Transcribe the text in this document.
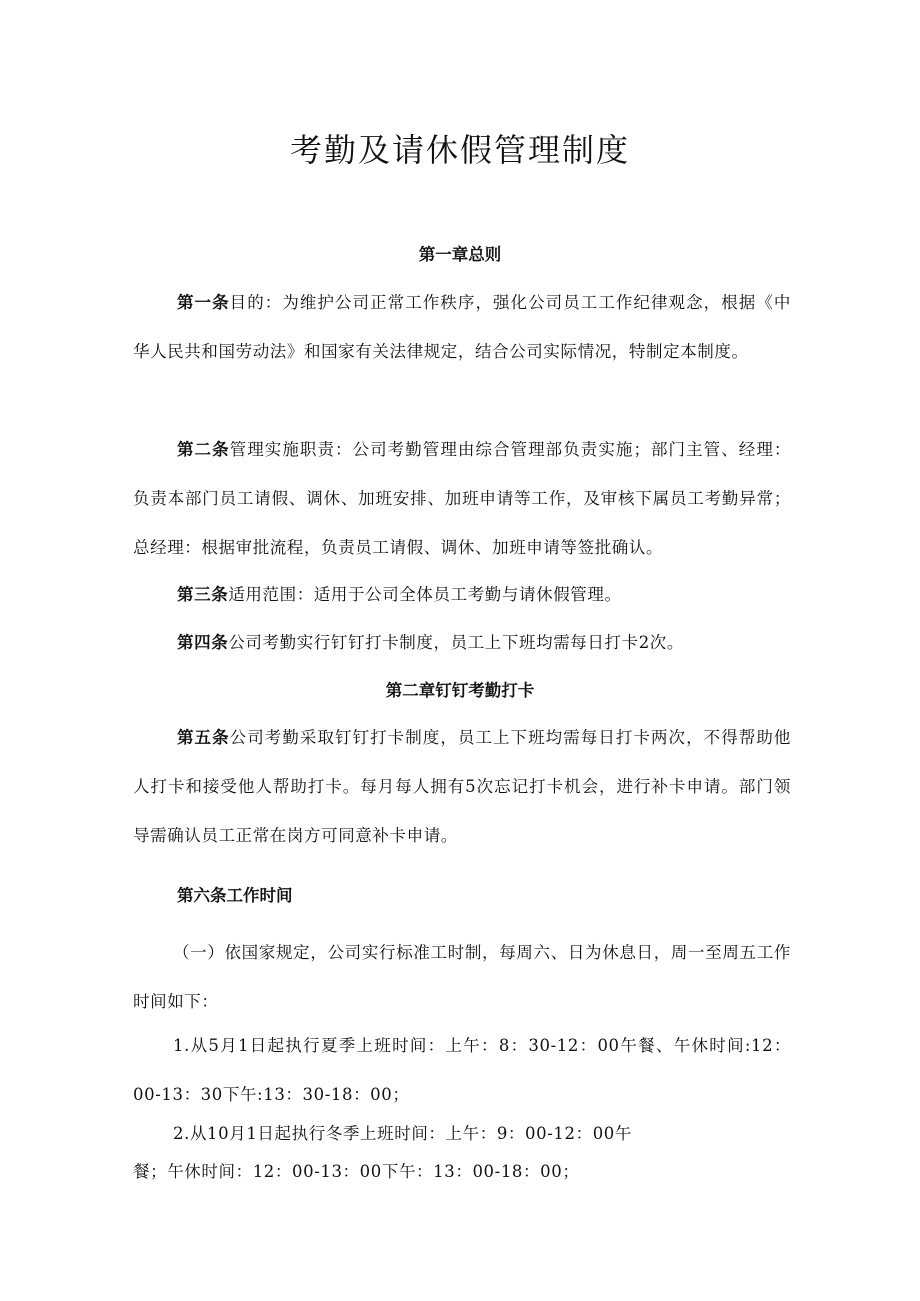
考勤及请休假管理制度
第一章总则
第一条目的：为维护公司正常工作秩序，强化公司员工工作纪律观念，根据《中华人民共和国劳动法》和国家有关法律规定，结合公司实际情况，特制定本制度。
第二条管理实施职责：公司考勤管理由综合管理部负责实施；部门主管、经理：负责本部门员工请假、调休、加班安排、加班申请等工作，及审核下属员工考勤异常；总经理：根据审批流程，负责员工请假、调休、加班申请等签批确认。
第三条适用范围：适用于公司全体员工考勤与请休假管理。
第四条公司考勤实行钉钉打卡制度，员工上下班均需每日打卡2次。
第二章钉钉考勤打卡
第五条公司考勤采取钉钉打卡制度，员工上下班均需每日打卡两次，不得帮助他人打卡和接受他人帮助打卡。每月每人拥有5次忘记打卡机会，进行补卡申请。部门领导需确认员工正常在岗方可同意补卡申请。
第六条工作时间
（一）依国家规定，公司实行标准工时制，每周六、日为休息日，周一至周五工作时间如下：
1.从5月1日起执行夏季上班时间：上午：8：30-12：00午餐、午休时间:12：00-13：30下午:13：30-18：00；
2.从10月1日起执行冬季上班时间：上午：9：00-12：00午
餐；午休时间：12：00-13：00下午：13：00-18：00；
